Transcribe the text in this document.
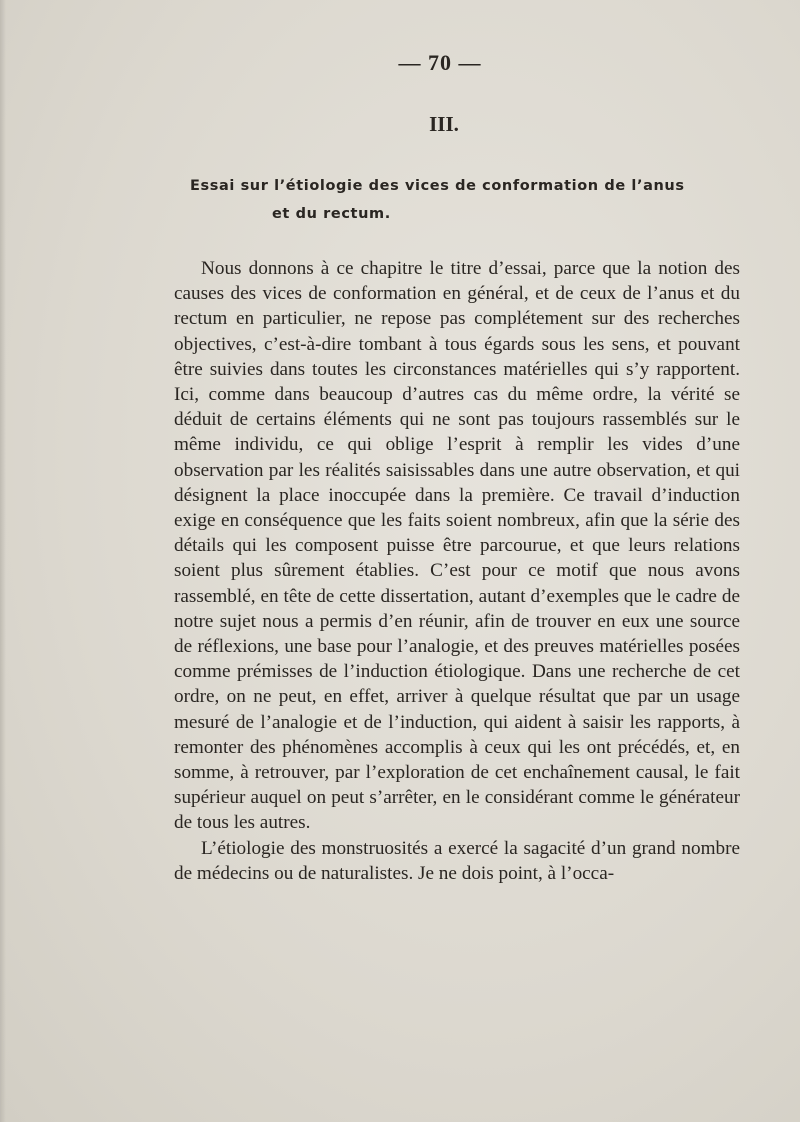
— 70 —
III.
Essai sur l’étiologie des vices de conformation de l’anus
et du rectum.

Nous donnons à ce chapitre le titre d’essai, parce que la notion des causes des vices de conformation en général, et de ceux de l’anus et du rectum en particulier, ne repose pas complétement sur des recherches objectives, c’est-à-dire tombant à tous égards sous les sens, et pouvant être suivies dans toutes les circonstances matérielles qui s’y rapportent. Ici, comme dans beaucoup d’autres cas du même ordre, la vérité se déduit de certains éléments qui ne sont pas toujours rassemblés sur le même individu, ce qui oblige l’esprit à remplir les vides d’une observation par les réalités saisissables dans une autre observation, et qui désignent la place inoccupée dans la première. Ce travail d’induction exige en conséquence que les faits soient nombreux, afin que la série des détails qui les composent puisse être parcourue, et que leurs relations soient plus sûrement établies. C’est pour ce motif que nous avons rassemblé, en tête de cette dissertation, autant d’exemples que le cadre de notre sujet nous a permis d’en réunir, afin de trouver en eux une source de réflexions, une base pour l’analogie, et des preuves matérielles posées comme prémisses de l’induction étiologique. Dans une recherche de cet ordre, on ne peut, en effet, arriver à quelque résultat que par un usage mesuré de l’analogie et de l’induction, qui aident à saisir les rapports, à remonter des phénomènes accomplis à ceux qui les ont précédés, et, en somme, à retrouver, par l’exploration de cet enchaînement causal, le fait supérieur auquel on peut s’arrêter, en le considérant comme le générateur de tous les autres.

L’étiologie des monstruosités a exercé la sagacité d’un grand nombre de médecins ou de naturalistes. Je ne dois point, à l’occa-
